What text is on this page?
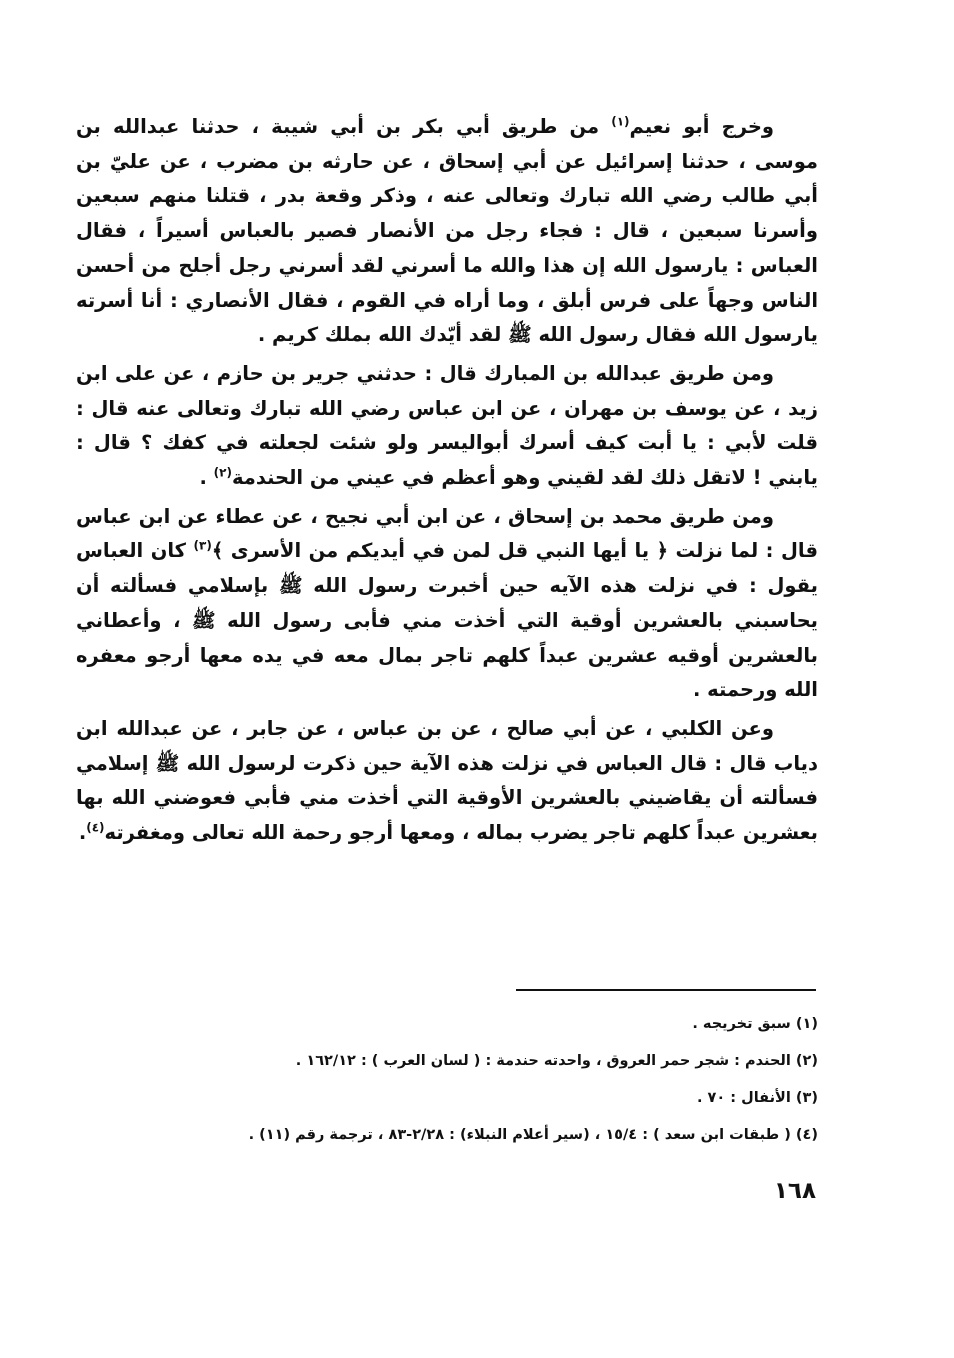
وخرج أبو نعيم$^{(١)}$ من طريق أبي بكر بن أبي شيبة ، حدثنا عبدالله بن موسى ، حدثنا إسرائيل عن أبي إسحاق ، عن حارثه بن مضرب ، عن عليّ بن أبي طالب رضي الله تبارك وتعالى عنه ، وذكر وقعة بدر ، قتلنا منهم سبعين وأسرنا سبعين ، قال : فجاء رجل من الأنصار فصير بالعباس أسيراً ، فقال العباس : يارسول الله إن هذا والله ما أسرني لقد أسرني رجل أجلح من أحسن الناس وجهاً على فرس أبلق ، وما أراه في القوم ، فقال الأنصاري : أنا أسرته يارسول الله فقال رسول الله ﷺ لقد أيّدك الله بملك كريم .

ومن طريق عبدالله بن المبارك قال : حدثني جرير بن حازم ، عن على ابن زيد ، عن يوسف بن مهران ، عن ابن عباس رضي الله تبارك وتعالى عنه قال : قلت لأبي : يا أبت كيف أسرك أبواليسر ولو شئت لجعلته في كفك ؟ قال : يابني ! لاتقل ذلك لقد لقيني وهو أعظم في عيني من الحندمة$^{(٢)}$ .

ومن طريق محمد بن إسحاق ، عن ابن أبي نجيح ، عن عطاء عن ابن عباس قال : لما نزلت ﴿ يا أيها النبي قل لمن في أيديكم من الأسرى ﴾$^{(٣)}$ كان العباس يقول : في نزلت هذه الآيه حين أخبرت رسول الله ﷺ بإسلامي فسألته أن يحاسبني بالعشرين أوقية التي أخذت مني فأبى رسول الله ﷺ ، وأعطاني بالعشرين أوقيه عشرين عبداً كلهم تاجر بمال معه في يده معها أرجو معفره الله ورحمته .

وعن الكلبي ، عن أبي صالح ، عن بن عباس ، عن جابر ، عن عبدالله ابن دياب قال : قال العباس في نزلت هذه الآية حين ذكرت لرسول الله ﷺ إسلامي فسألته أن يقاضيني بالعشرين الأوقية التي أخذت مني فأبي فعوضني الله بها بعشرين عبداً كلهم تاجر يضرب بماله ، ومعها أرجو رحمة الله تعالى ومغفرته$^{(٤)}$.

(١) سبق تخريجه .
(٢) الحندم : شجر حمر العروق ، واحدته حندمة : ( لسان العرب ) : ١٦٢/١٢ .
(٣) الأنفال : ٧٠ .
(٤) ( طبقات ابن سعد ) : ١٥/٤ ، (سير أعلام النبلاء) : ٢/٢٨-٨٣ ، ترجمة رقم (١١) .
١٦٨
